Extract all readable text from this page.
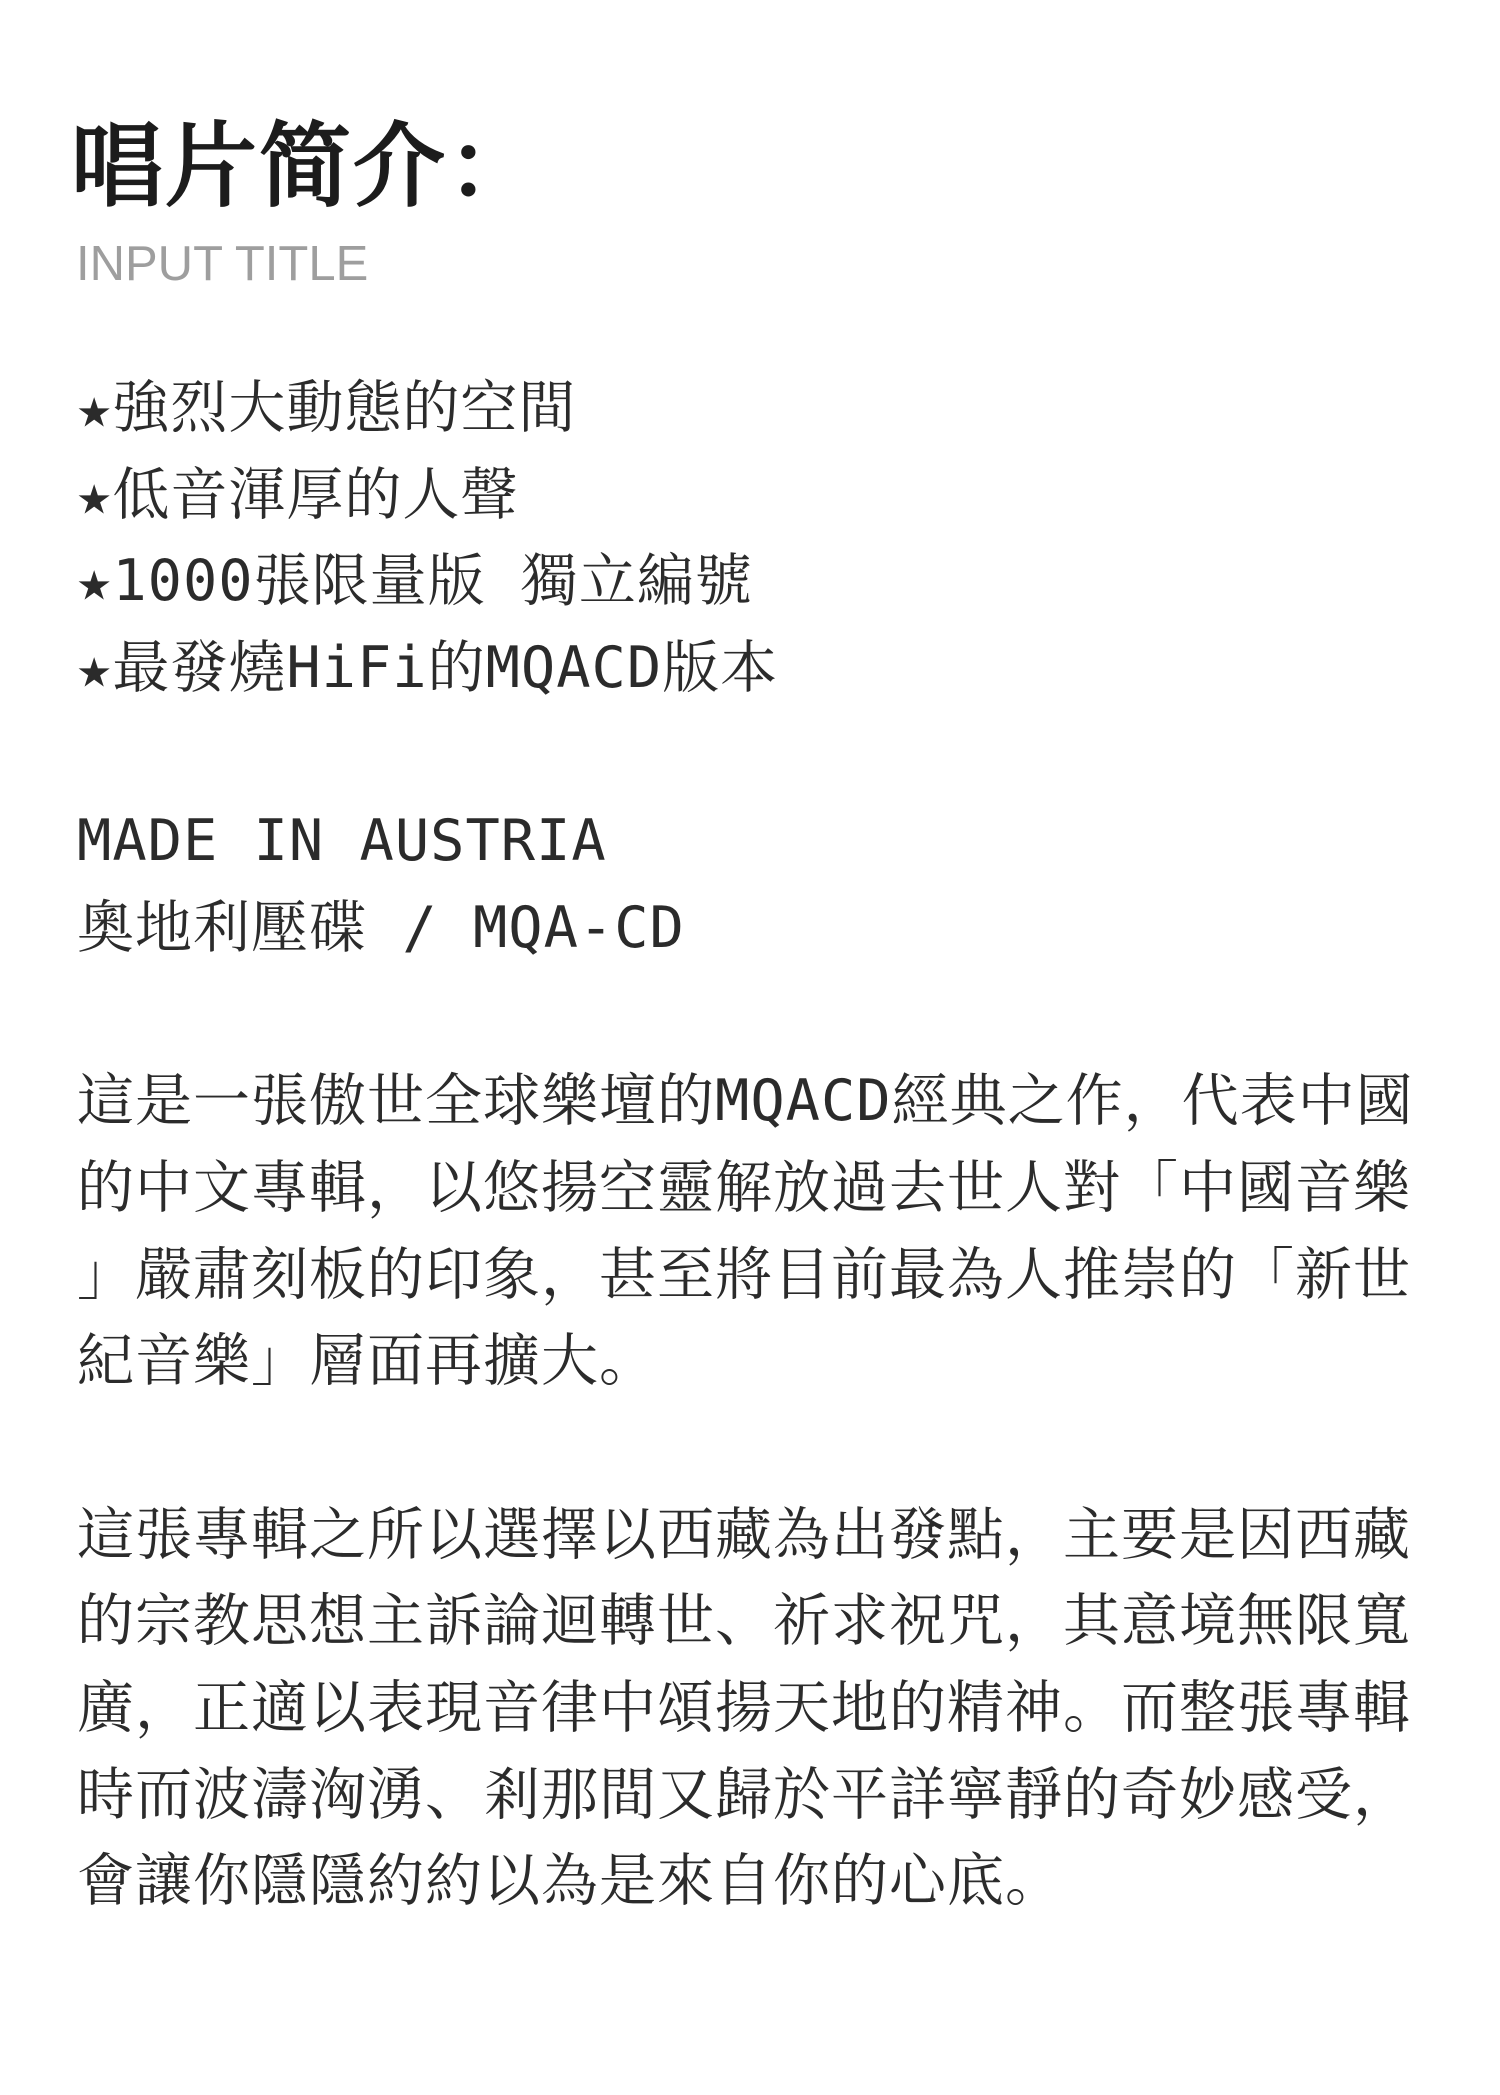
唱片简介：
INPUT TITLE
★強烈大動態的空間
★低音渾厚的人聲
★1000張限量版 獨立編號
★最發燒HiFi的MQACD版本
MADE IN AUSTRIA
奧地利壓碟 / MQA-CD
這是一張傲世全球樂壇的MQACD經典之作，代表中國
的中文專輯，以悠揚空靈解放過去世人對「中國音樂
」嚴肅刻板的印象，甚至將目前最為人推崇的「新世
紀音樂」層面再擴大。
這張專輯之所以選擇以西藏為出發點，主要是因西藏
的宗教思想主訴論迴轉世、祈求祝咒，其意境無限寬
廣，正適以表現音律中頌揚天地的精神。而整張專輯
時而波濤洶湧、剎那間又歸於平詳寧靜的奇妙感受，
會讓你隱隱約約以為是來自你的心底。
